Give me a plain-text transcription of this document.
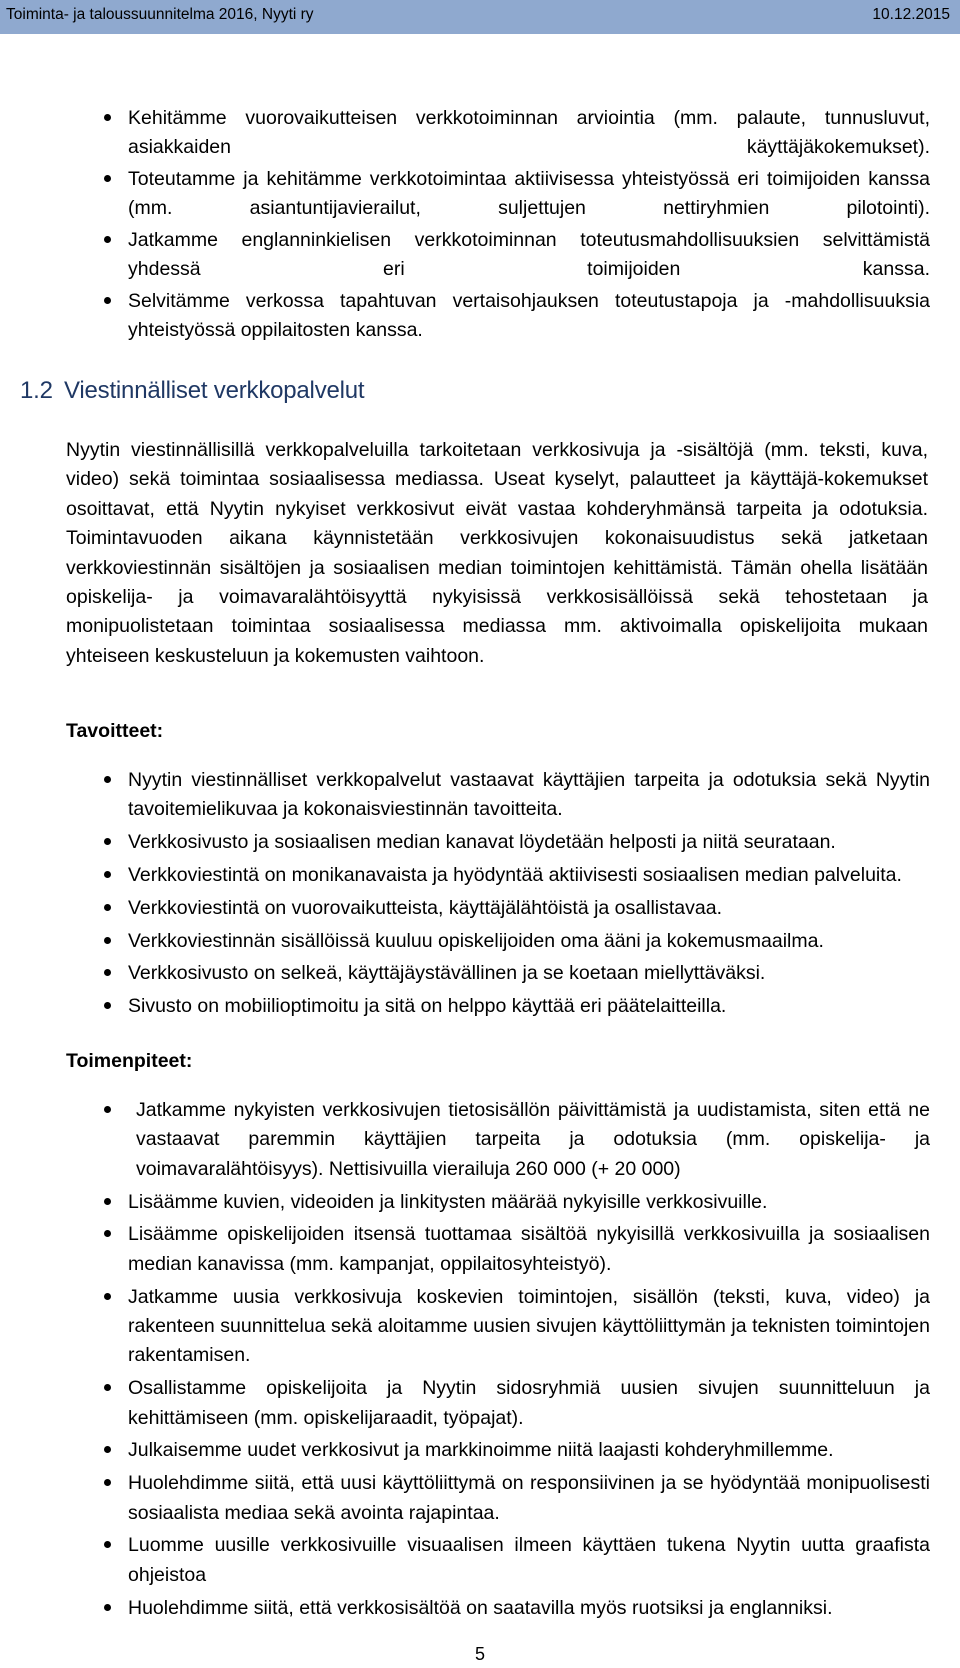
Toiminta- ja taloussuunnitelma 2016, Nyyti ry	10.12.2015
Kehitämme vuorovaikutteisen verkkotoiminnan arviointia (mm. palaute, tunnusluvut, asiakkaiden käyttäjäkokemukset).
Toteutamme ja kehitämme verkkotoimintaa aktiivisessa yhteistyössä eri toimijoiden kanssa (mm. asiantuntijavierailut, suljettujen nettiryhmien pilotointi).
Jatkamme englanninkielisen verkkotoiminnan toteutusmahdollisuuksien selvittämistä yhdessä eri toimijoiden kanssa.
Selvitämme verkossa tapahtuvan vertaisohjauksen toteutustapoja ja -mahdollisuuksia yhteistyössä oppilaitosten kanssa.
1.2 Viestinnälliset verkkopalvelut

Nyytin viestinnällisillä verkkopalveluilla tarkoitetaan verkkosivuja ja -sisältöjä (mm. teksti, kuva, video) sekä toimintaa sosiaalisessa mediassa. Useat kyselyt, palautteet ja käyttäjä-kokemukset osoittavat, että Nyytin nykyiset verkkosivut eivät vastaa kohderyhmänsä tarpeita ja odotuksia. Toimintavuoden aikana käynnistetään verkkosivujen kokonaisuudistus sekä jatketaan verkkoviestinnän sisältöjen ja sosiaalisen median toimintojen kehittämistä. Tämän ohella lisätään opiskelija- ja voimavaralähtöisyyttä nykyisissä verkkosisällöissä sekä tehostetaan ja monipuolistetaan toimintaa sosiaalisessa mediassa mm. aktivoimalla opiskelijoita mukaan yhteiseen keskusteluun ja kokemusten vaihtoon.

Tavoitteet:
Nyytin viestinnälliset verkkopalvelut vastaavat käyttäjien tarpeita ja odotuksia sekä Nyytin tavoitemielikuvaa ja kokonaisviestinnän tavoitteita.
Verkkosivusto ja sosiaalisen median kanavat löydetään helposti ja niitä seurataan.
Verkkoviestintä on monikanavaista ja hyödyntää aktiivisesti sosiaalisen median palveluita.
Verkkoviestintä on vuorovaikutteista, käyttäjälähtöistä ja osallistavaa.
Verkkoviestinnän sisällöissä kuuluu opiskelijoiden oma ääni ja kokemusmaailma.
Verkkosivusto on selkeä, käyttäjäystävällinen ja se koetaan miellyttäväksi.
Sivusto on mobiilioptimoitu ja sitä on helppo käyttää eri päätelaitteilla.
Toimenpiteet:
Jatkamme nykyisten verkkosivujen tietosisällön päivittämistä ja uudistamista, siten että ne vastaavat paremmin käyttäjien tarpeita ja odotuksia (mm. opiskelija- ja voimavaralähtöisyys). Nettisivuilla vierailuja 260 000 (+ 20 000)
Lisäämme kuvien, videoiden ja linkitysten määrää nykyisille verkkosivuille.
Lisäämme opiskelijoiden itsensä tuottamaa sisältöä nykyisillä verkkosivuilla ja sosiaalisen median kanavissa (mm. kampanjat, oppilaitosyhteistyö).
Jatkamme uusia verkkosivuja koskevien toimintojen, sisällön (teksti, kuva, video) ja rakenteen suunnittelua sekä aloitamme uusien sivujen käyttöliittymän ja teknisten toimintojen rakentamisen.
Osallistamme opiskelijoita ja Nyytin sidosryhmiä uusien sivujen suunnitteluun ja kehittämiseen (mm. opiskelijaraadit, työpajat).
Julkaisemme uudet verkkosivut ja markkinoimme niitä laajasti kohderyhmillemme.
Huolehdimme siitä, että uusi käyttöliittymä on responsiivinen ja se hyödyntää monipuolisesti sosiaalista mediaa sekä avointa rajapintaa.
Luomme uusille verkkosivuille visuaalisen ilmeen käyttäen tukena Nyytin uutta graafista ohjeistoa
Huolehdimme siitä, että verkkosisältöä on saatavilla myös ruotsiksi ja englanniksi.
5
